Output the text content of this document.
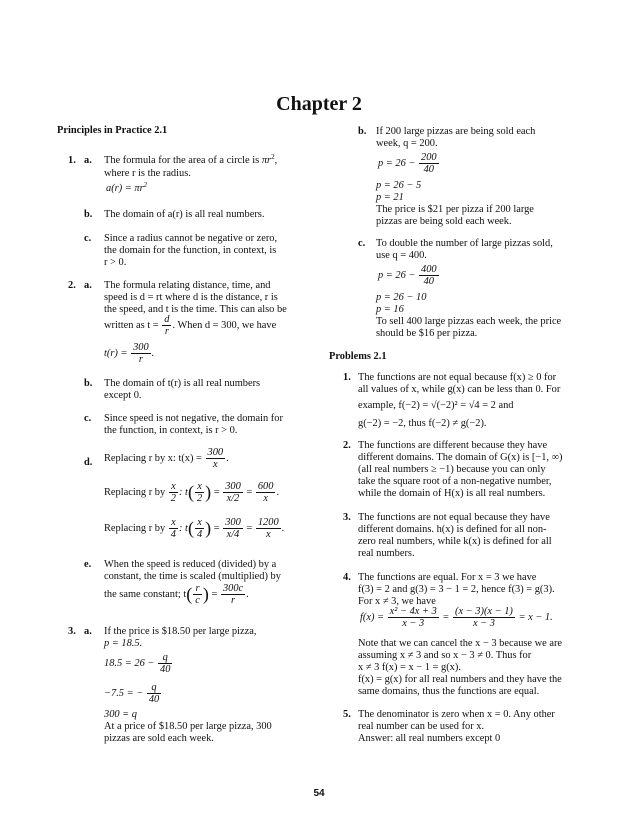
Chapter 2
Principles in Practice 2.1
1. a. The formula for the area of a circle is $\pi r^2$,
where r is the radius.
$a(r) = \pi r^2$
b. The domain of a(r) is all real numbers.
c. Since a radius cannot be negative or zero,
the domain for the function, in context, is
r > 0.
2. a. The formula relating distance, time, and
speed is d = rt where d is the distance, r is
the speed, and t is the time. This can also be
written as $t = \frac{d}{r}$ . When d = 300, we have
$t(r) = \frac{300}{r}$ .
b. The domain of t(r) is all real numbers
except 0.
c. Since speed is not negative, the domain for
the function, in context, is r > 0.
d. Replacing r by x: $t(x) = \frac{300}{x}$ .
Replacing r by $\frac{x}{2}$ : $t( \frac{x}{2}$ ) = $\frac{300}{x/2} = \frac{600}{x}$ .
Replacing r by $\frac{x}{4}$ : $t( \frac{x}{4}$ ) = $\frac{300}{x/4} = \frac{1200}{x}$ .
e. When the speed is reduced (divided) by a
constant, the time is scaled (multiplied) by
the same constant; $t( \frac{r}{c}$ ) = $\frac{300c}{r}$ .
3. a. If the price is $18.50 per large pizza,
p = 18.5.
$18.5 = 26 - \frac{q}{40}$
−7.5 = − $\frac{q}{40}$
300 = q
At a price of $18.50 per large pizza, 300
pizzas are sold each week.
b. If 200 large pizzas are being sold each
week, q = 200.
$p = 26 - \frac{200}{40}$
p = 26 − 5
p = 21
The price is $21 per pizza if 200 large
pizzas are being sold each week.
c. To double the number of large pizzas sold,
use q = 400.
$p = 26 - \frac{400}{40}$
p = 26 − 10
p = 16
To sell 400 large pizzas each week, the price
should be $16 per pizza.
Problems 2.1
1. The functions are not equal because f(x) ≥ 0 for
all values of x, while g(x) can be less than 0. For
example, f(−2) = √(−2)² = √4 = 2 and
g(−2) = −2, thus f(−2) ≠ g(−2).
2. The functions are different because they have
different domains. The domain of G(x) is [−1, ∞)
(all real numbers ≥ −1) because you can only
take the square root of a non-negative number,
while the domain of H(x) is all real numbers.
3. The functions are not equal because they have
different domains. h(x) is defined for all non-
zero real numbers, while k(x) is defined for all
real numbers.
4. The functions are equal. For x = 3 we have
f(3) = 2 and g(3) = 3 − 1 = 2, hence f(3) = g(3).
For x ≠ 3, we have
$f(x) = \frac{\text{x² − 4x + 3}}{x - 3} = \frac{(x - 3)(x - 1)}{x - 3} = x - 1$.
Note that we can cancel the x − 3 because we are
assuming x ≠ 3 and so x − 3 ≠ 0. Thus for
x ≠ 3 f(x) = x − 1 = g(x).
f(x) = g(x) for all real numbers and they have the
same domains, thus the functions are equal.
5. The denominator is zero when x = 0. Any other
real number can be used for x.
Answer: all real numbers except 0
54
